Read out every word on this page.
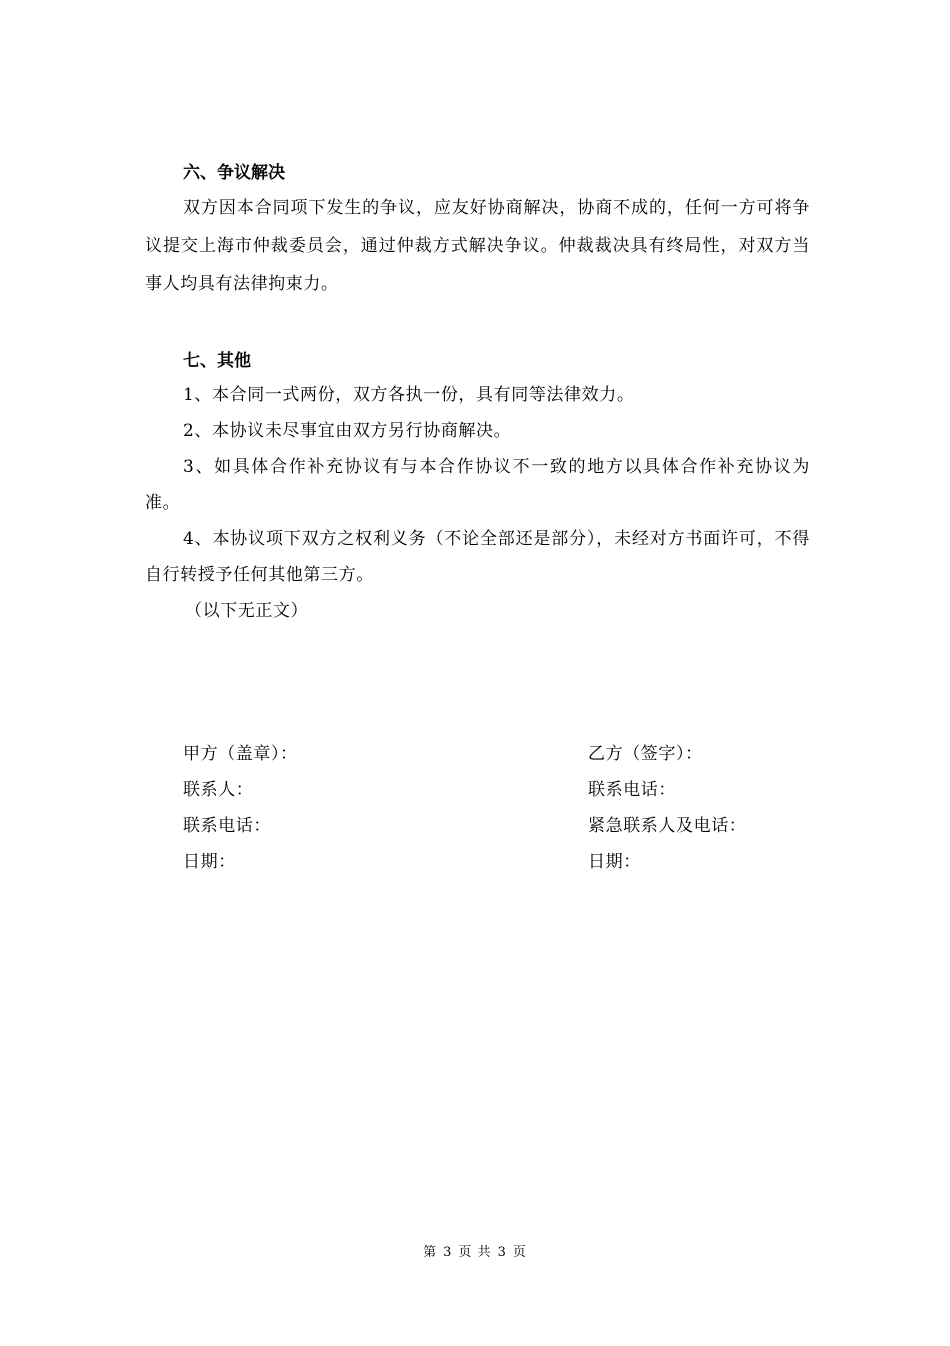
六、争议解决

双方因本合同项下发生的争议，应友好协商解决，协商不成的，任何一方可将争议提交上海市仲裁委员会，通过仲裁方式解决争议。仲裁裁决具有终局性，对双方当事人均具有法律拘束力。

七、其他

1、本合同一式两份，双方各执一份，具有同等法律效力。

2、本协议未尽事宜由双方另行协商解决。

3、如具体合作补充协议有与本合作协议不一致的地方以具体合作补充协议为准。

4、本协议项下双方之权利义务（不论全部还是部分），未经对方书面许可，不得自行转授予任何其他第三方。

（以下无正文）

甲方（盖章）：

联系人：

联系电话：

日期：

乙方（签字）：

联系电话：

紧急联系人及电话：

日期：

第 3 页 共 3 页
